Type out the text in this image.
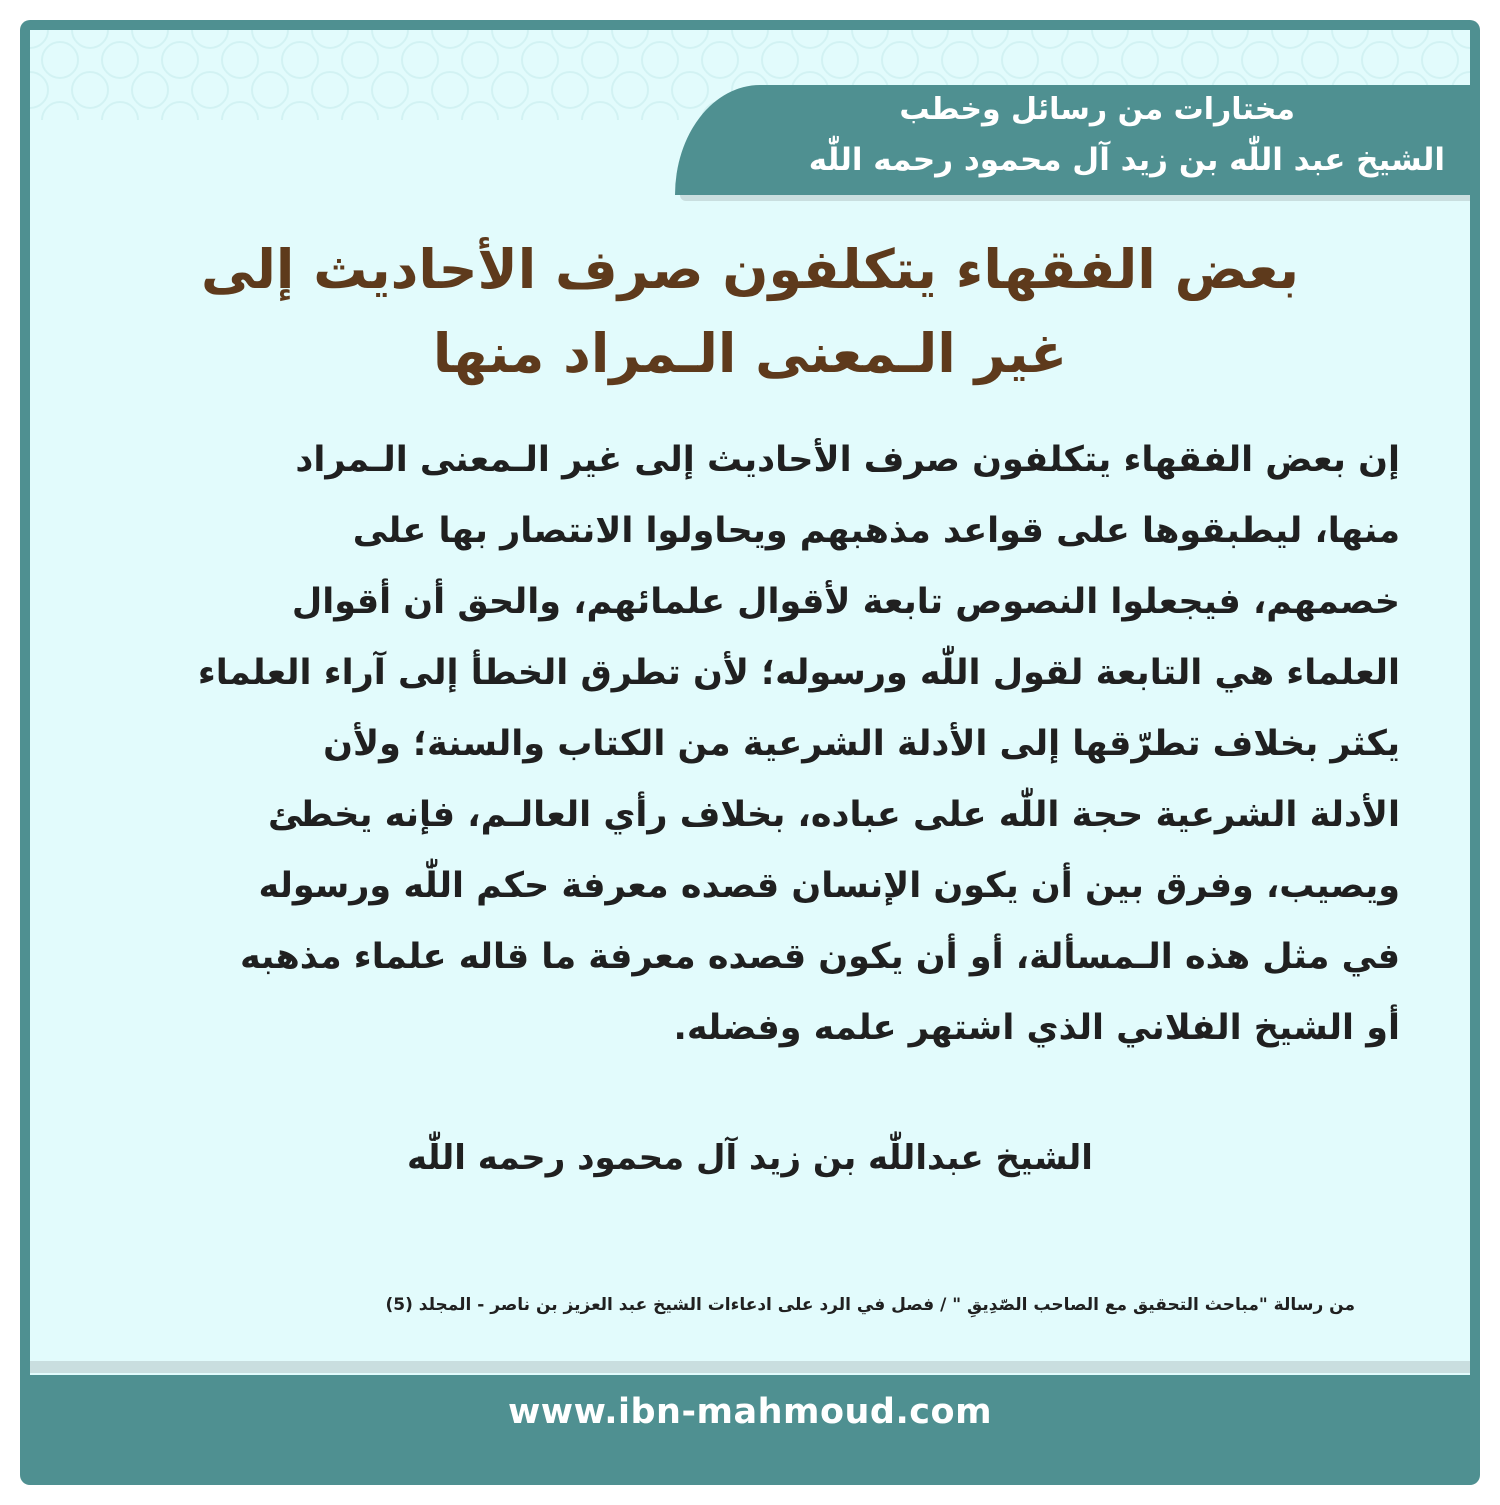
مختارات من رسائل وخطب
الشيخ عبد اللّٰه بن زيد آل محمود رحمه اللّٰه
بعض الفقهاء يتكلفون صرف الأحاديث إلى
غير الـمعنى الـمراد منها
إن بعض الفقهاء يتكلفون صرف الأحاديث إلى غير الـمعنى الـمراد
منها، ليطبقوها على قواعد مذهبهم ويحاولوا الانتصار بها على
خصمهم، فيجعلوا النصوص تابعة لأقوال علمائهم، والحق أن أقوال
العلماء هي التابعة لقول اللّٰه ورسوله؛ لأن تطرق الخطأ إلى آراء العلماء
يكثر بخلاف تطرّقها إلى الأدلة الشرعية من الكتاب والسنة؛ ولأن
الأدلة الشرعية حجة اللّٰه على عباده، بخلاف رأي العالـم، فإنه يخطئ
ويصيب، وفرق بين أن يكون الإنسان قصده معرفة حكم اللّٰه ورسوله
في مثل هذه الـمسألة، أو أن يكون قصده معرفة ما قاله علماء مذهبه
أو الشيخ الفلاني الذي اشتهر علمه وفضله.
الشيخ عبداللّٰه بن زيد آل محمود رحمه اللّٰه
من رسالة "مباحث التحقيق مع الصاحب الصّدِيقِ " / فصل في الرد على ادعاءات الشيخ عبد العزيز بن ناصر - المجلد (5)
www.ibn-mahmoud.com
